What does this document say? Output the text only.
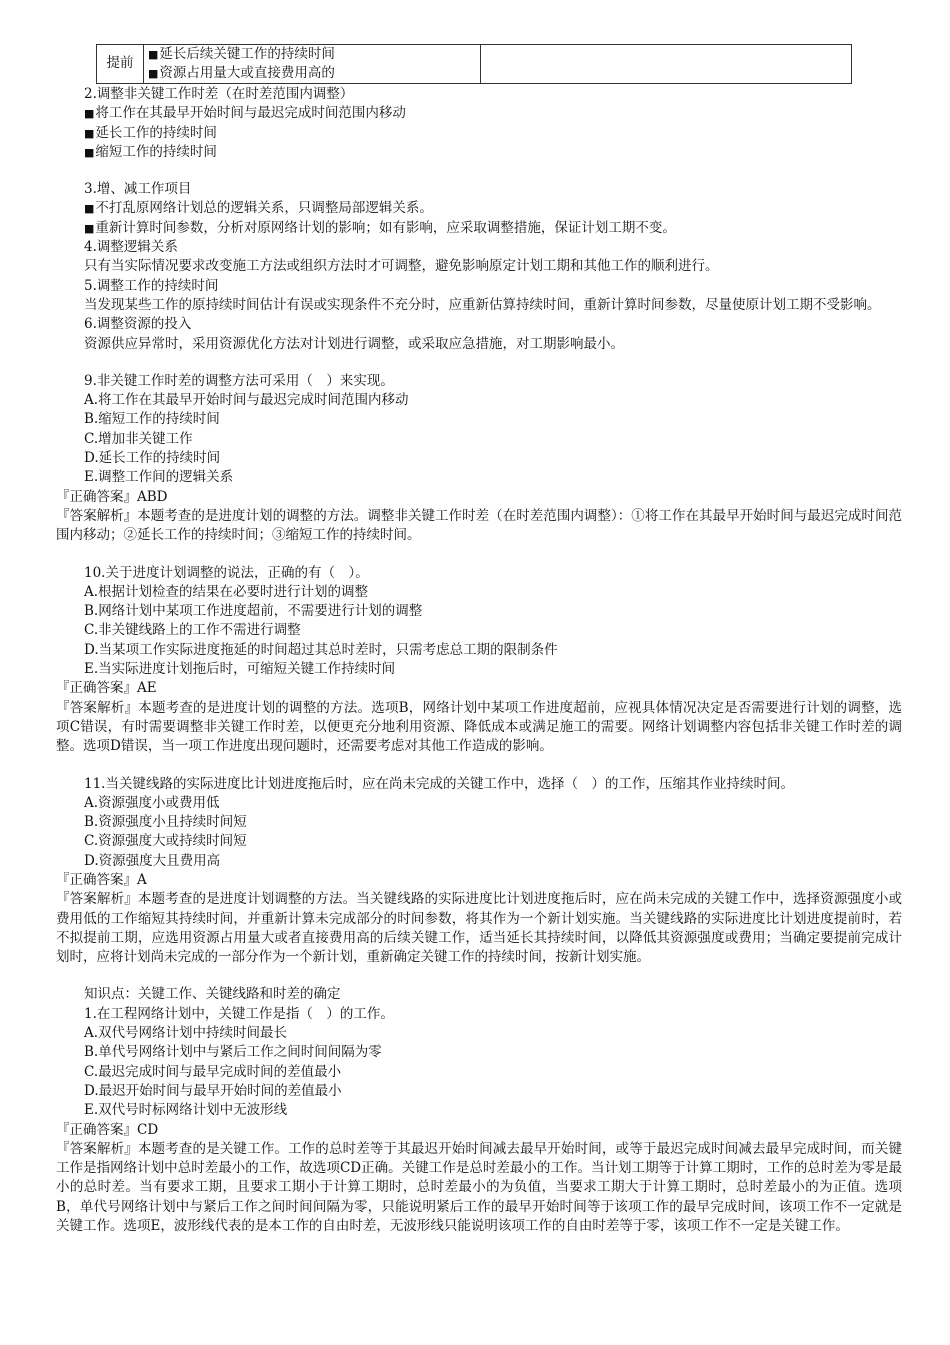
提前
■ 延长后续关键工作的持续时间
■ 资源占用量大或直接费用高的
2.调整非关键工作时差（在时差范围内调整）
■ 将工作在其最早开始时间与最迟完成时间范围内移动
■ 延长工作的持续时间
■ 缩短工作的持续时间
3.增、减工作项目
■ 不打乱原网络计划总的逻辑关系，只调整局部逻辑关系。
■ 重新计算时间参数，分析对原网络计划的影响；如有影响，应采取调整措施，保证计划工期不变。
4.调整逻辑关系
只有当实际情况要求改变施工方法或组织方法时才可调整，避免影响原定计划工期和其他工作的顺利进行。
5.调整工作的持续时间
当发现某些工作的原持续时间估计有误或实现条件不充分时，应重新估算持续时间，重新计算时间参数，尽量使原计划工期不受影响。
6.调整资源的投入
资源供应异常时，采用资源优化方法对计划进行调整，或采取应急措施，对工期影响最小。
9.非关键工作时差的调整方法可采用（　）来实现。
A.将工作在其最早开始时间与最迟完成时间范围内移动
B.缩短工作的持续时间
C.增加非关键工作
D.延长工作的持续时间
E.调整工作间的逻辑关系
『正确答案』ABD
『答案解析』本题考查的是进度计划的调整的方法。调整非关键工作时差（在时差范围内调整）：①将工作在其最早开始时间与最迟完成时间范围内移动；②延长工作的持续时间；③缩短工作的持续时间。
10.关于进度计划调整的说法，正确的有（　）。
A.根据计划检查的结果在必要时进行计划的调整
B.网络计划中某项工作进度超前，不需要进行计划的调整
C.非关键线路上的工作不需进行调整
D.当某项工作实际进度拖延的时间超过其总时差时，只需考虑总工期的限制条件
E.当实际进度计划拖后时，可缩短关键工作持续时间
『正确答案』AE
『答案解析』本题考查的是进度计划的调整的方法。选项B，网络计划中某项工作进度超前，应视具体情况决定是否需要进行计划的调整，选项C错误，有时需要调整非关键工作时差，以便更充分地利用资源、降低成本或满足施工的需要。网络计划调整内容包括非关键工作时差的调整。选项D错误，当一项工作进度出现问题时，还需要考虑对其他工作造成的影响。
11.当关键线路的实际进度比计划进度拖后时，应在尚未完成的关键工作中，选择（　）的工作，压缩其作业持续时间。
A.资源强度小或费用低
B.资源强度小且持续时间短
C.资源强度大或持续时间短
D.资源强度大且费用高
『正确答案』A
『答案解析』本题考查的是进度计划调整的方法。当关键线路的实际进度比计划进度拖后时，应在尚未完成的关键工作中，选择资源强度小或费用低的工作缩短其持续时间，并重新计算未完成部分的时间参数，将其作为一个新计划实施。当关键线路的实际进度比计划进度提前时，若不拟提前工期，应选用资源占用量大或者直接费用高的后续关键工作，适当延长其持续时间，以降低其资源强度或费用；当确定要提前完成计划时，应将计划尚未完成的一部分作为一个新计划，重新确定关键工作的持续时间，按新计划实施。
知识点：关键工作、关键线路和时差的确定
1.在工程网络计划中，关键工作是指（　）的工作。
A.双代号网络计划中持续时间最长
B.单代号网络计划中与紧后工作之间时间间隔为零
C.最迟完成时间与最早完成时间的差值最小
D.最迟开始时间与最早开始时间的差值最小
E.双代号时标网络计划中无波形线
『正确答案』CD
『答案解析』本题考查的是关键工作。工作的总时差等于其最迟开始时间减去最早开始时间，或等于最迟完成时间减去最早完成时间，而关键工作是指网络计划中总时差最小的工作，故选项CD正确。关键工作是总时差最小的工作。当计划工期等于计算工期时，工作的总时差为零是最小的总时差。当有要求工期，且要求工期小于计算工期时，总时差最小的为负值，当要求工期大于计算工期时，总时差最小的为正值。选项B，单代号网络计划中与紧后工作之间时间间隔为零，只能说明紧后工作的最早开始时间等于该项工作的最早完成时间，该项工作不一定就是关键工作。选项E，波形线代表的是本工作的自由时差，无波形线只能说明该项工作的自由时差等于零，该项工作不一定是关键工作。
